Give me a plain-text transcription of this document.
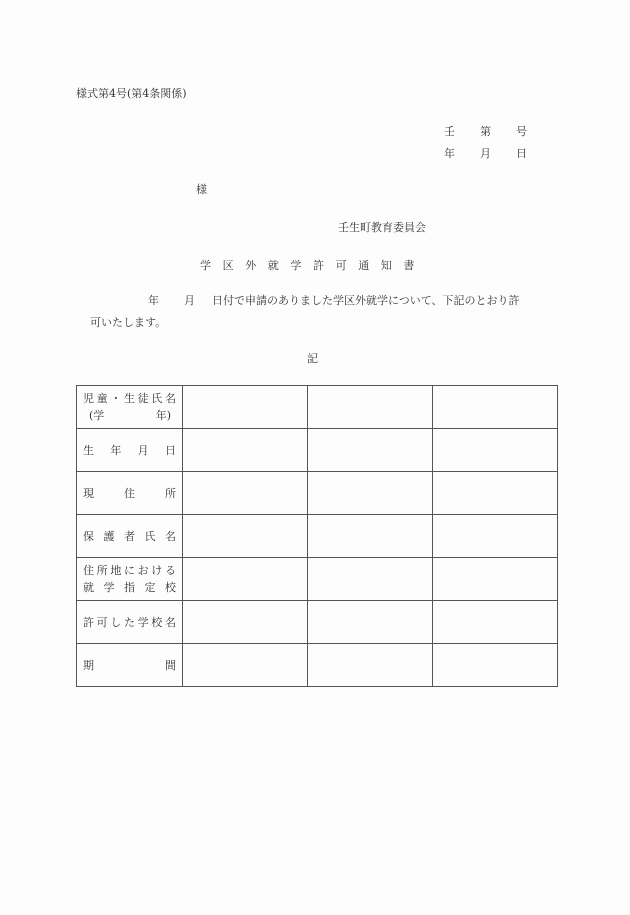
様式第4号(第4条関係)
壬 第 号
年 月 日
様
壬生町教育委員会
学区外就学許可通知書
年 月 日付で申請のありました学区外就学について、下記のとおり許
可いたします。
記
児 童 ・ 生 徒 氏 名
(学	年)

生 年 月 日			

現 住 所			

保 護 者 氏 名			

住 所 地 に お け る
就 学 指 定 校

許 可 し た 学 校 名

期 間			
